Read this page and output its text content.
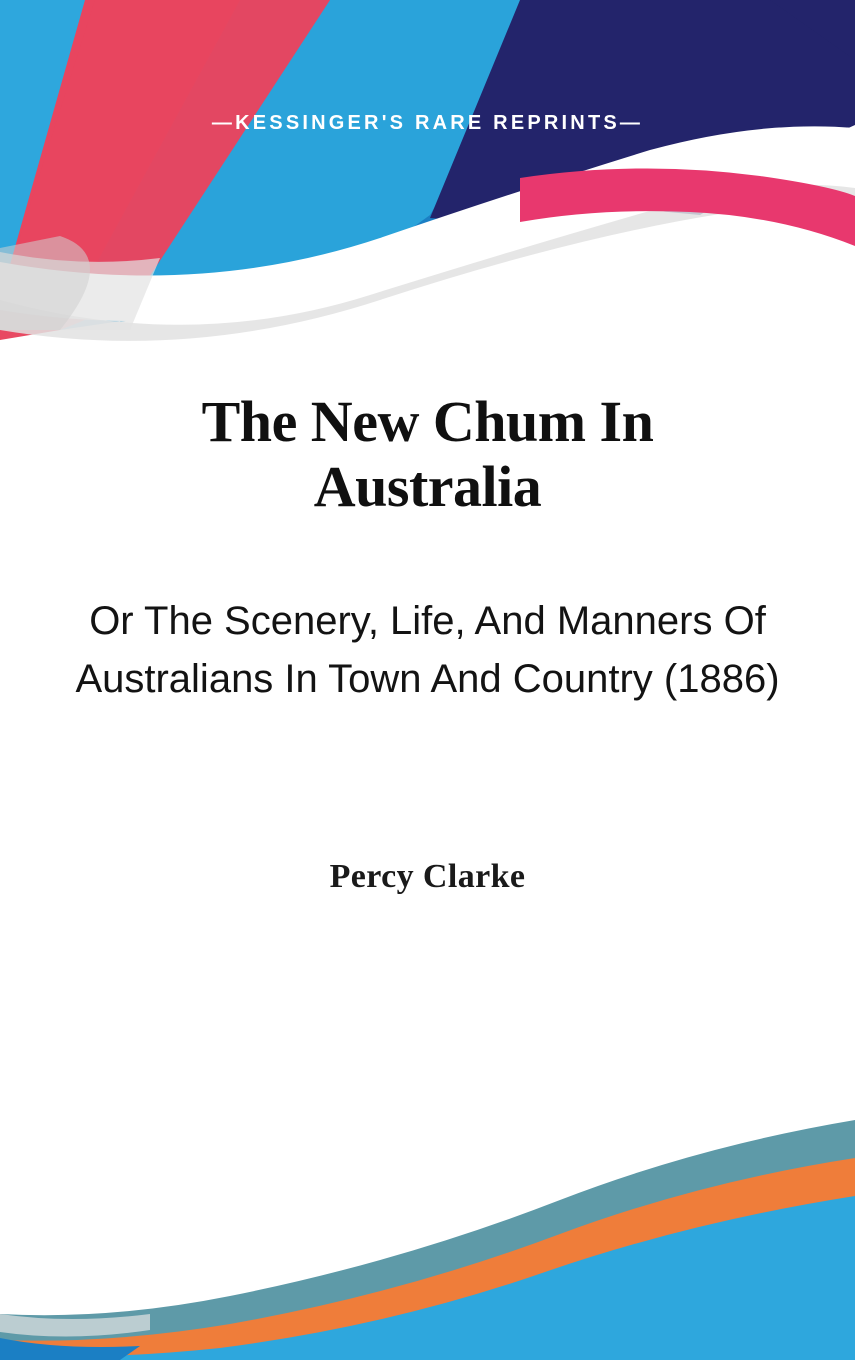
—KESSINGER'S RARE REPRINTS—
The New Chum In Australia
Or The Scenery, Life, And Manners Of Australians In Town And Country (1886)

Percy Clarke
